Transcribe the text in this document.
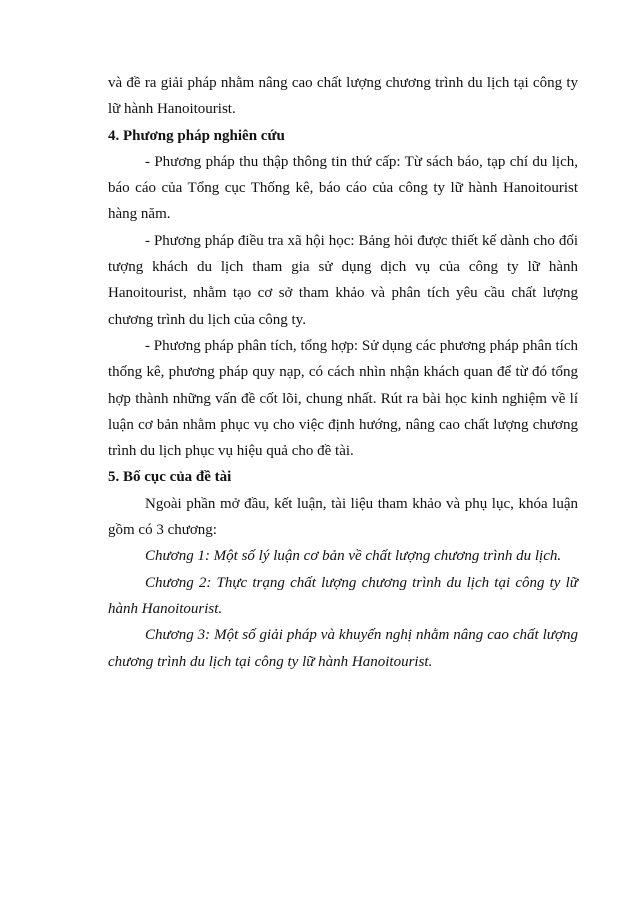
và đề ra giải pháp nhằm nâng cao chất lượng chương trình du lịch tại công ty lữ hành Hanoitourist.

4. Phương pháp nghiên cứu

- Phương pháp thu thập thông tin thứ cấp: Từ sách báo, tạp chí du lịch, báo cáo của Tổng cục Thống kê, báo cáo của công ty lữ hành Hanoitourist hàng năm.

- Phương pháp điều tra xã hội học: Bảng hỏi được thiết kế dành cho đối tượng khách du lịch tham gia sử dụng dịch vụ của công ty lữ hành Hanoitourist, nhằm tạo cơ sở tham khảo và phân tích yêu cầu chất lượng chương trình du lịch của công ty.

- Phương pháp phân tích, tổng hợp: Sử dụng các phương pháp phân tích thống kê, phương pháp quy nạp, có cách nhìn nhận khách quan để từ đó tổng hợp thành những vấn đề cốt lõi, chung nhất. Rút ra bài học kinh nghiệm về lí luận cơ bản nhằm phục vụ cho việc định hướng, nâng cao chất lượng chương trình du lịch phục vụ hiệu quả cho đề tài.

5. Bố cục của đề tài

Ngoài phần mở đầu, kết luận, tài liệu tham khảo và phụ lục, khóa luận gồm có 3 chương:

Chương 1: Một số lý luận cơ bản về chất lượng chương trình du lịch.

Chương 2: Thực trạng chất lượng chương trình du lịch tại công ty lữ hành Hanoitourist.

Chương 3: Một số giải pháp và khuyến nghị nhằm nâng cao chất lượng chương trình du lịch tại công ty lữ hành Hanoitourist.
